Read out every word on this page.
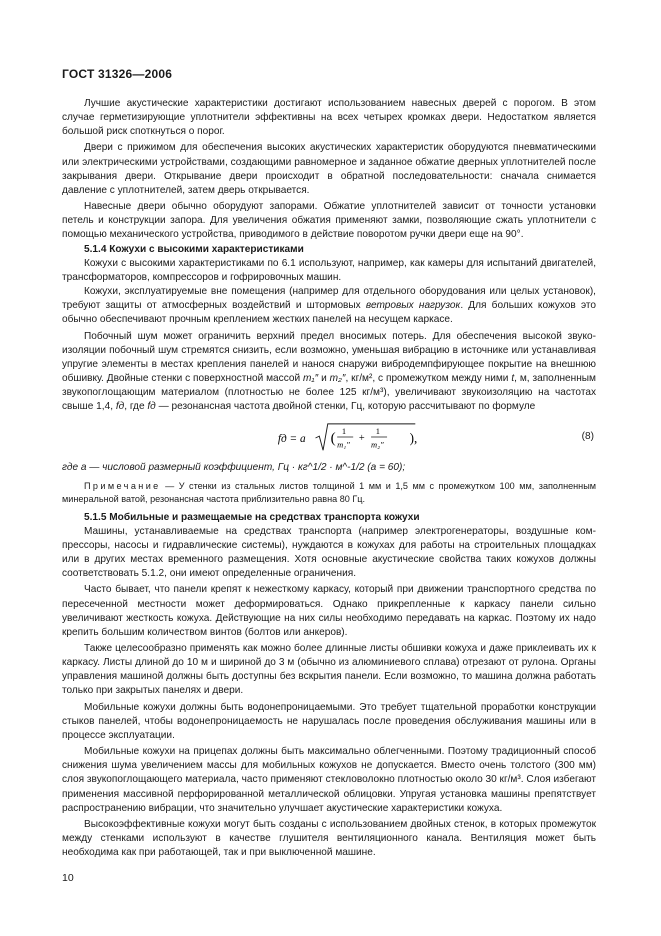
ГОСТ 31326—2006

Лучшие акустические характеристики достигают использованием навесных дверей с порогом. В этом случае герметизирующие уплотнители эффективны на всех четырех кромках двери. Недостатком является большой риск споткнуться о порог.

Двери с прижимом для обеспечения высоких акустических характеристик оборудуются пневматическими или электрическими устройствами, создающими равномерное и заданное обжатие дверных уплотнителей после закрывания двери. Открывание двери происходит в обратной последовательности: сначала снимается давление с уплотнителей, затем дверь открывается.

Навесные двери обычно оборудуют запорами. Обжатие уплотнителей зависит от точности установки петель и конструкции запора. Для увеличения обжатия применяют замки, позволяющие сжать уплотнители с помощью механического устройства, приводимого в действие поворотом ручки двери еще на 90°.

5.1.4 Кожухи с высокими характеристиками

Кожухи с высокими характеристиками по 6.1 используют, например, как камеры для испытаний двигателей, трансформаторов, компрессоров и гофрировочных машин.

Кожухи, эксплуатируемые вне помещения (например для отдельного оборудования или целых установок), требуют защиты от атмосферных воздействий и штормовых ветровых нагрузок. Для больших кожухов это обычно обеспечивают прочным креплением жестких панелей на несущем каркасе.

Побочный шум может ограничить верхний предел вносимых потерь. Для обеспечения высокой звукоизоляции побочный шум стремятся снизить, если возможно, уменьшая вибрацию в источнике или устанавливая упругие элементы в местах крепления панелей и нанося снаружи вибродемпфирующее покрытие на внешнюю обшивку. Двойные стенки с поверхностной массой m₁″ и m₂″, кг/м², с промежутком между ними t, м, заполненным звукопоглощающим материалом (плотностью не более 125 кг/м³), увеличивают звукоизоляцию на частотах свыше 1,4, fд, где fд — резонансная частота двойной стенки, Гц, которую рассчитывают по формуле

fд = a ( 1
m₁″
+
1
m₂″ ),	(8)

где a — числовой размерный коэффициент, Гц · кг^1/2 · м^-1/2 (a = 60);

Примечание — У стенки из стальных листов толщиной 1 мм и 1,5 мм с промежутком 100 мм, заполненным минеральной ватой, резонансная частота приблизительно равна 80 Гц.

5.1.5 Мобильные и размещаемые на средствах транспорта кожухи

Машины, устанавливаемые на средствах транспорта (например электрогенераторы, воздушные компрессоры, насосы и гидравлические системы), нуждаются в кожухах для работы на строительных площадках или в других местах временного размещения. Хотя основные акустические свойства таких кожухов должны соответствовать 5.1.2, они имеют определенные ограничения.

Часто бывает, что панели крепят к нежесткому каркасу, который при движении транспортного средства по пересеченной местности может деформироваться. Однако прикрепленные к каркасу панели сильно увеличивают жесткость кожуха. Действующие на них силы необходимо передавать на каркас. Поэтому их надо крепить большим количеством винтов (болтов или анкеров).

Также целесообразно применять как можно более длинные листы обшивки кожуха и даже приклеивать их к каркасу. Листы длиной до 10 м и шириной до 3 м (обычно из алюминиевого сплава) отрезают от рулона. Органы управления машиной должны быть доступны без вскрытия панели. Если возможно, то машина должна работать только при закрытых панелях и двери.

Мобильные кожухи должны быть водонепроницаемыми. Это требует тщательной проработки конструкции стыков панелей, чтобы водонепроницаемость не нарушалась после проведения обслуживания машины или в процессе эксплуатации.

Мобильные кожухи на прицепах должны быть максимально облегченными. Поэтому традиционный способ снижения шума увеличением массы для мобильных кожухов не допускается. Вместо очень толстого (300 мм) слоя звукопоглощающего материала, часто применяют стекловолокно плотностью около 30 кг/м³. Слоя избегают применения массивной перфорированной металлической облицовки. Упругая установка машины препятствует распространению вибрации, что значительно улучшает акустические характеристики кожуха.

Высокоэффективные кожухи могут быть созданы с использованием двойных стенок, в которых промежуток между стенками используют в качестве глушителя вентиляционного канала. Вентиляция может быть необходима как при работающей, так и при выключенной машине.

10
